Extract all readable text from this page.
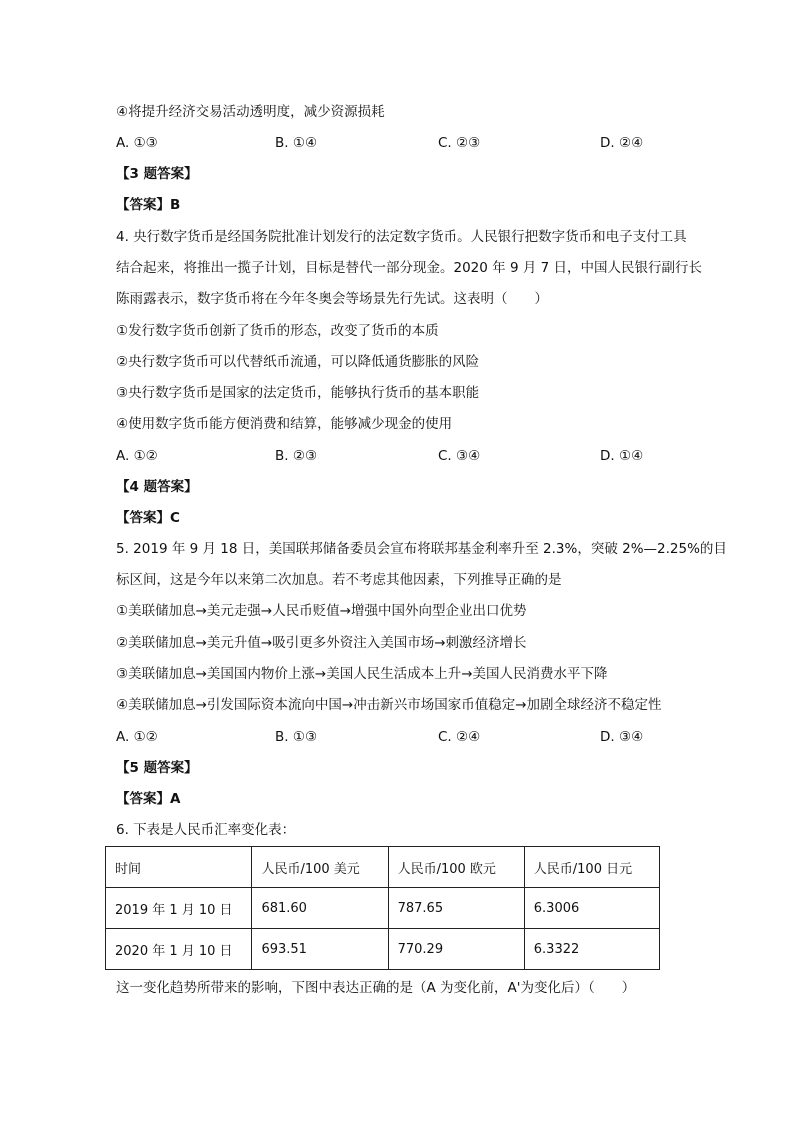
④将提升经济交易活动透明度，减少资源损耗
A. ①③	B. ①④	C. ②③	D. ②④
【3 题答案】
【答案】B
4. 央行数字货币是经国务院批准计划发行的法定数字货币。人民银行把数字货币和电子支付工具
结合起来，将推出一揽子计划，目标是替代一部分现金。2020 年 9 月 7 日，中国人民银行副行长
陈雨露表示，数字货币将在今年冬奥会等场景先行先试。这表明（　　）
①发行数字货币创新了货币的形态，改变了货币的本质
②央行数字货币可以代替纸币流通，可以降低通货膨胀的风险
③央行数字货币是国家的法定货币，能够执行货币的基本职能
④使用数字货币能方便消费和结算，能够减少现金的使用
A. ①②	B. ②③	C. ③④	D. ①④
【4 题答案】
【答案】C
5. 2019 年 9 月 18 日，美国联邦储备委员会宣布将联邦基金利率升至 2.3%，突破 2%—2.25%的目
标区间，这是今年以来第二次加息。若不考虑其他因素，下列推导正确的是
①美联储加息→美元走强→人民币贬值→增强中国外向型企业出口优势
②美联储加息→美元升值→吸引更多外资注入美国市场→刺激经济增长
③美联储加息→美国国内物价上涨→美国人民生活成本上升→美国人民消费水平下降
④美联储加息→引发国际资本流向中国→冲击新兴市场国家币值稳定→加剧全球经济不稳定性
A. ①②	B. ①③	C. ②④	D. ③④
【5 题答案】
【答案】A
6. 下表是人民币汇率变化表：
时间	人民币/100 美元	人民币/100 欧元	人民币/100 日元
2019 年 1 月 10 日	681.60	787.65	6.3006
2020 年 1 月 10 日	693.51	770.29	6.3322
这一变化趋势所带来的影响，下图中表达正确的是（A 为变化前，A'为变化后）（　　）
